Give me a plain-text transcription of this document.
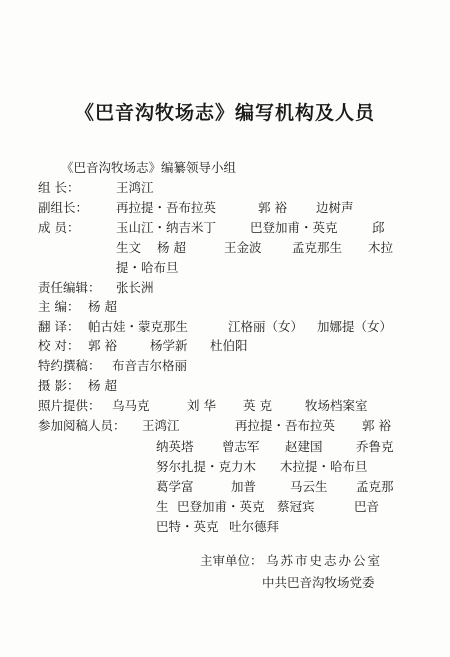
《巴音沟牧场志》编写机构及人员
《巴音沟牧场志》编纂领导小组
组 长：	王鸿江
副组长： 再拉提・吾布拉英	郭 裕 边树声
成 员：	玉山江・纳吉米丁	巴登加甫・英克	邱
生文 杨 超	王金波 孟克那生 木拉
提・哈布旦
责任编辑： 张长洲
主 编： 杨 超
翻 译： 帕古娃・蒙克那生	江格丽（女） 加娜提（女）
校 对： 郭 裕	杨学新 杜伯阳
特约撰稿： 布音吉尔格丽
摄 影： 杨 超
照片提供： 乌马克	刘 华 英 克	牧场档案室
参加阅稿人员： 王鸿江	再拉提・吾布拉英 郭 裕
纳英塔 曾志军 赵建国	乔鲁克
努尔扎提・克力木 木拉提・哈布旦
葛学富	加普	马云生 孟克那
生 巴登加甫・英克 蔡冠宾	巴音
巴特・英克 吐尔德拜
主审单位： 乌苏市史志办公室
中共巴音沟牧场党委
